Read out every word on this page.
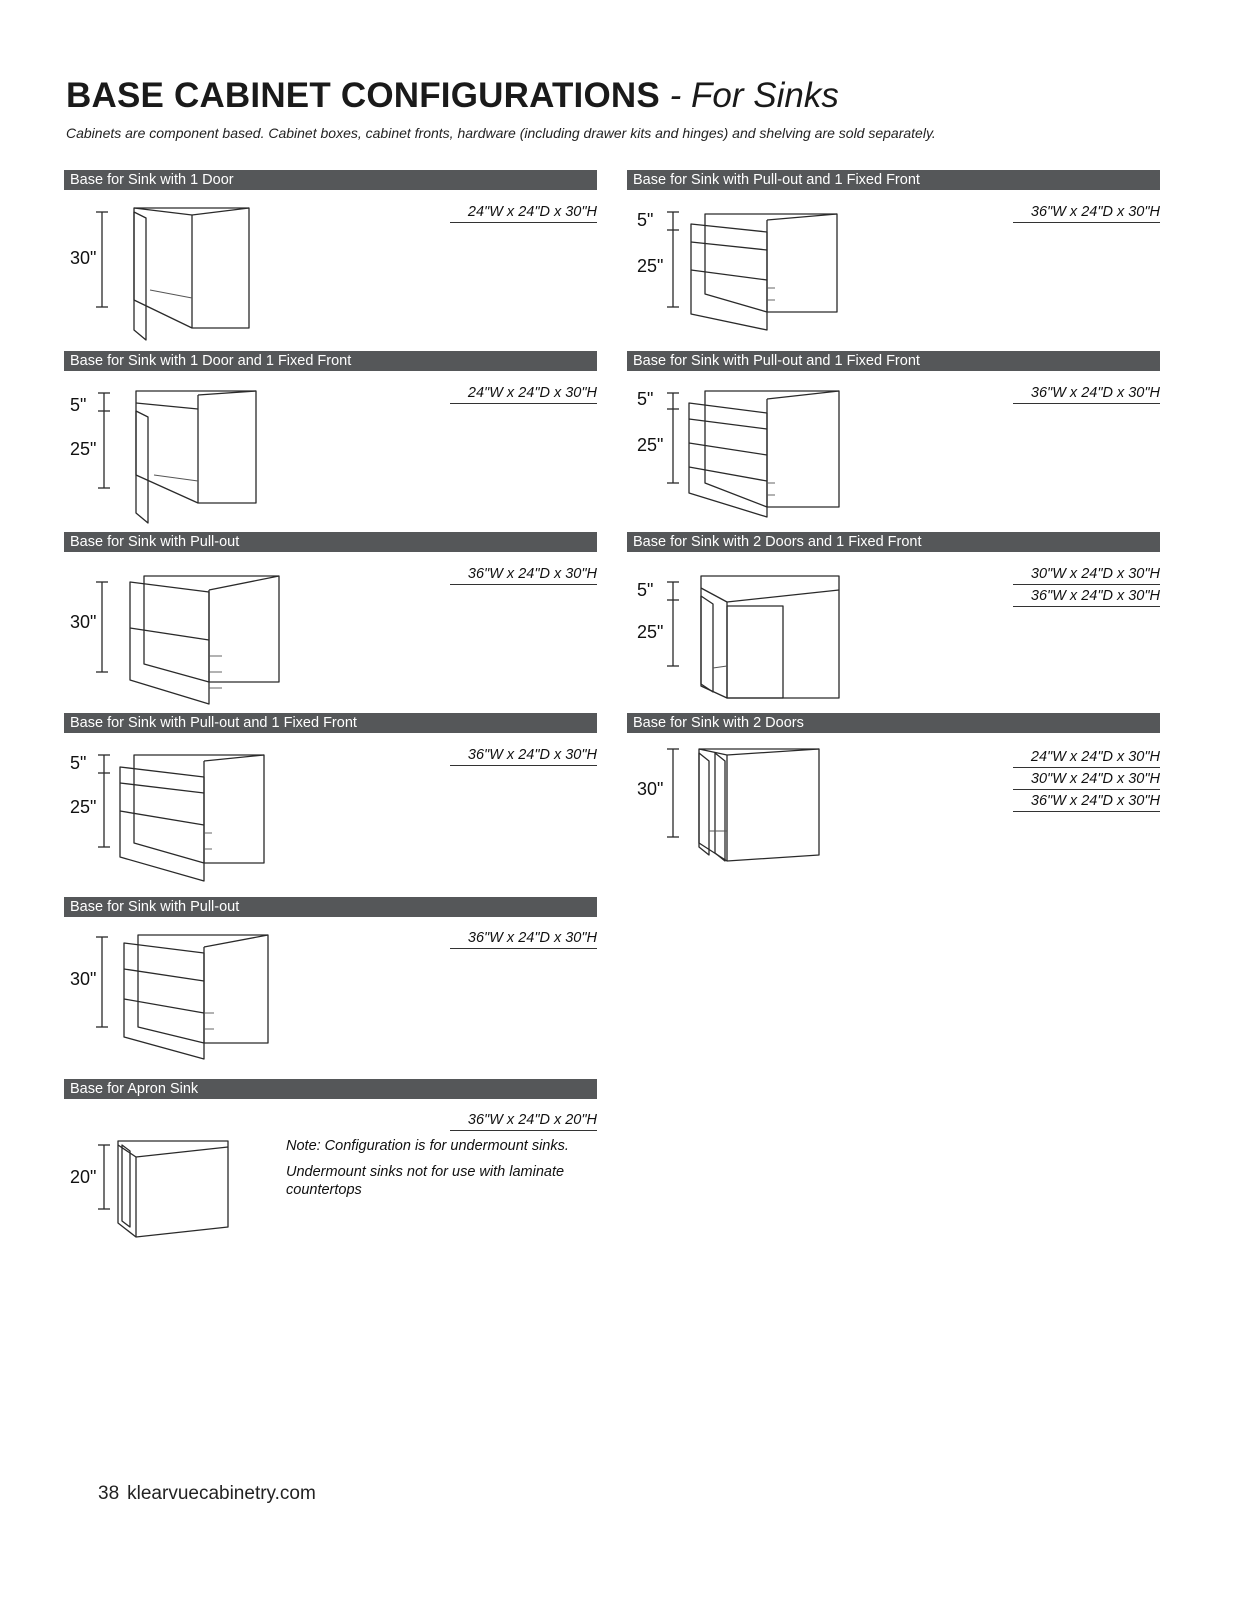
BASE CABINET CONFIGURATIONS - For Sinks
Cabinets are component based. Cabinet boxes, cabinet fronts, hardware (including drawer kits and hinges) and shelving are sold separately.
Base for Sink with 1 Door
30"
24"W x 24"D x 30"H
Base for Sink with Pull-out and 1 Fixed Front
5"
25"
36"W x 24"D x 30"H
Base for Sink with 1 Door and 1 Fixed Front
5"
25"
24"W x 24"D x 30"H
Base for Sink with Pull-out and 1 Fixed Front
5"
25"
36"W x 24"D x 30"H
Base for Sink with Pull-out
30"
36"W x 24"D x 30"H
Base for Sink with 2 Doors and 1 Fixed Front
5"
25"
30"W x 24"D x 30"H
36"W x 24"D x 30"H
Base for Sink with Pull-out and 1 Fixed Front
5"
25"
36"W x 24"D x 30"H
Base for Sink with 2 Doors
30"
24"W x 24"D x 30"H
30"W x 24"D x 30"H
36"W x 24"D x 30"H
Base for Sink with Pull-out
30"
36"W x 24"D x 30"H
Base for Apron Sink
20"
36"W x 24"D x 20"H

Note: Configuration is for undermount sinks.

Undermount sinks not for use with laminate countertops

38 klearvuecabinetry.com
